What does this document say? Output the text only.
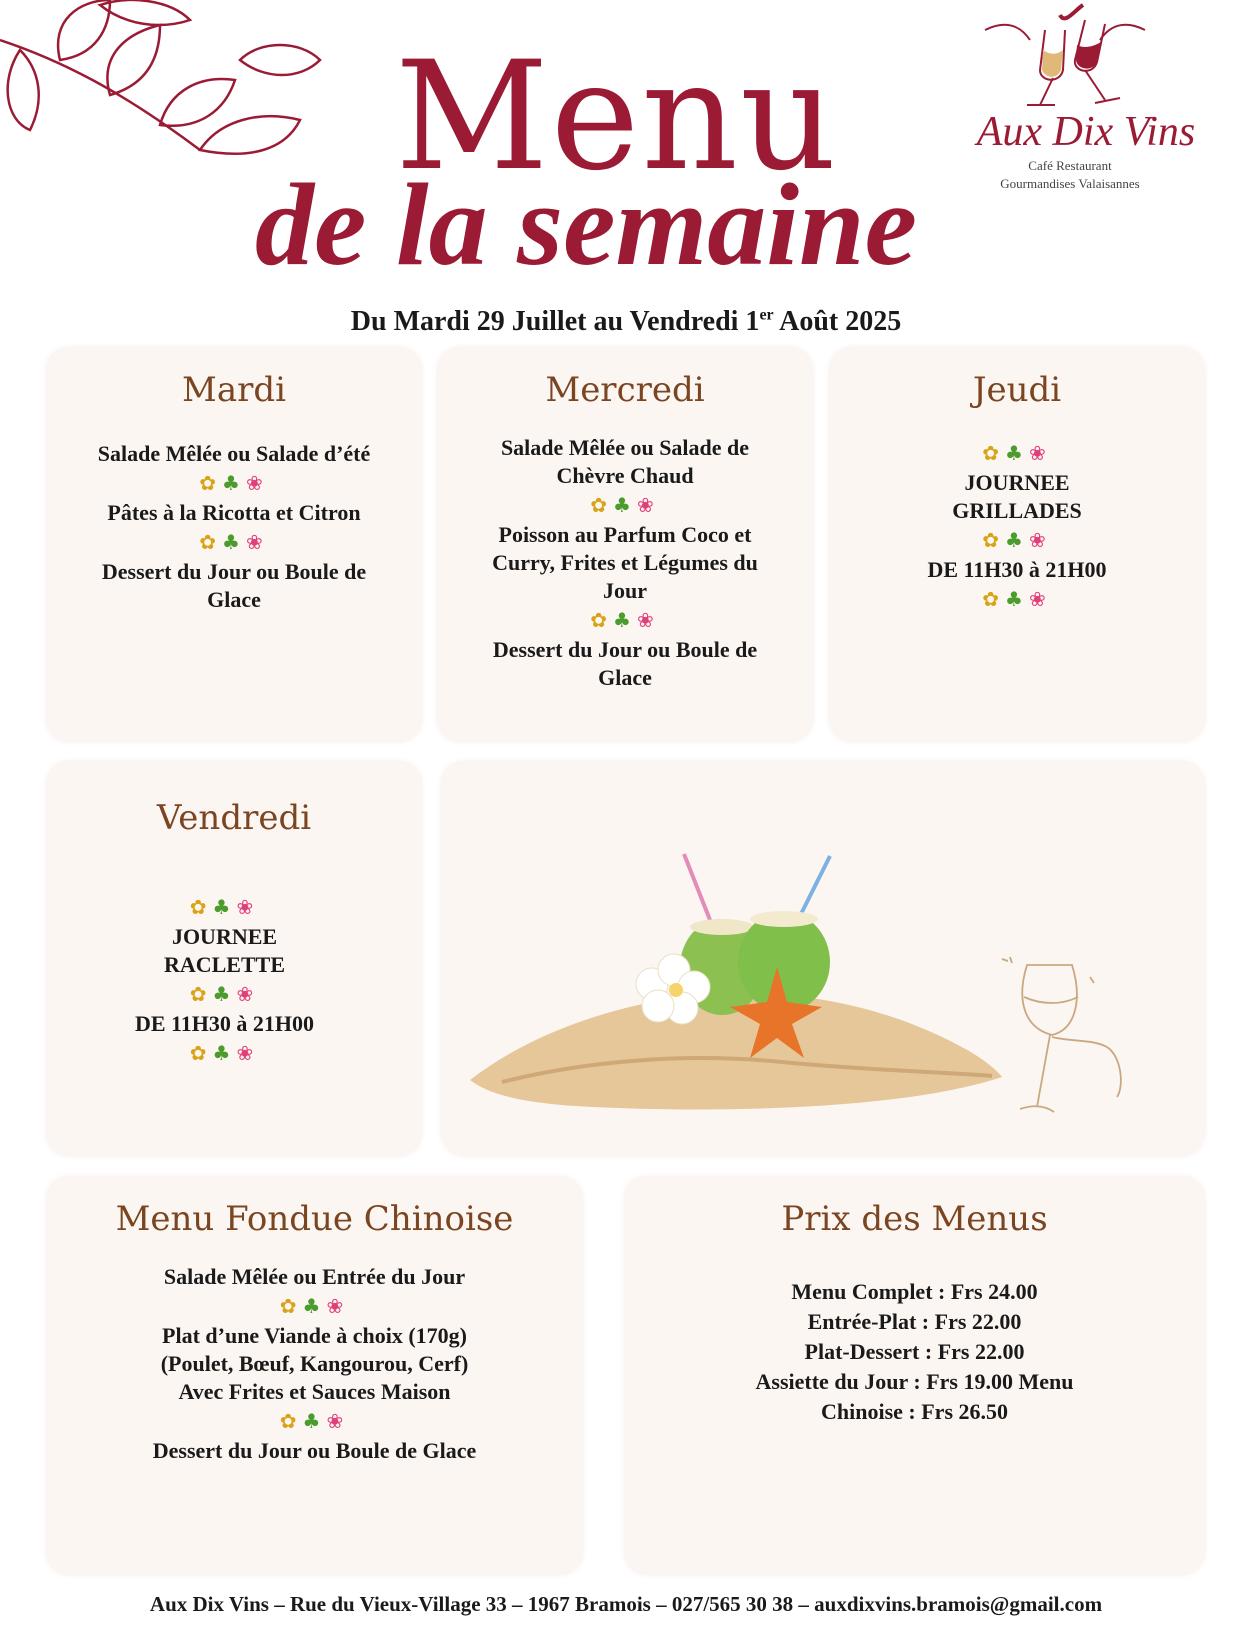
Menu
de la semaine
Aux Dix Vins
Café Restaurant
Gourmandises Valaisannes
Du Mardi 29 Juillet au Vendredi 1er Août 2025
Mardi

Salade Mêlée ou Salade d’été

✿♣❀

Pâtes à la Ricotta et Citron

✿♣❀

Dessert du Jour ou Boule de

Glace

Mercredi

Salade Mêlée ou Salade de

Chèvre Chaud

✿♣❀

Poisson au Parfum Coco et

Curry, Frites et Légumes du

Jour

✿♣❀

Dessert du Jour ou Boule de

Glace

Jeudi
✿♣❀

JOURNEE

GRILLADES

✿♣❀

DE 11H30 à 21H00

✿♣❀
Vendredi
✿♣❀

JOURNEE

RACLETTE

✿♣❀

DE 11H30 à 21H00

✿♣❀
Menu Fondue Chinoise

Salade Mêlée ou Entrée du Jour

✿♣❀

Plat d’une Viande à choix (170g)

(Poulet, Bœuf, Kangourou, Cerf)

Avec Frites et Sauces Maison

✿♣❀

Dessert du Jour ou Boule de Glace

Prix des Menus

Menu Complet : Frs 24.00

Entrée-Plat : Frs 22.00

Plat-Dessert : Frs 22.00

Assiette du Jour : Frs 19.00 Menu

Chinoise : Frs 26.50

Aux Dix Vins – Rue du Vieux-Village 33 – 1967 Bramois – 027/565 30 38 – auxdixvins.bramois@gmail.com
